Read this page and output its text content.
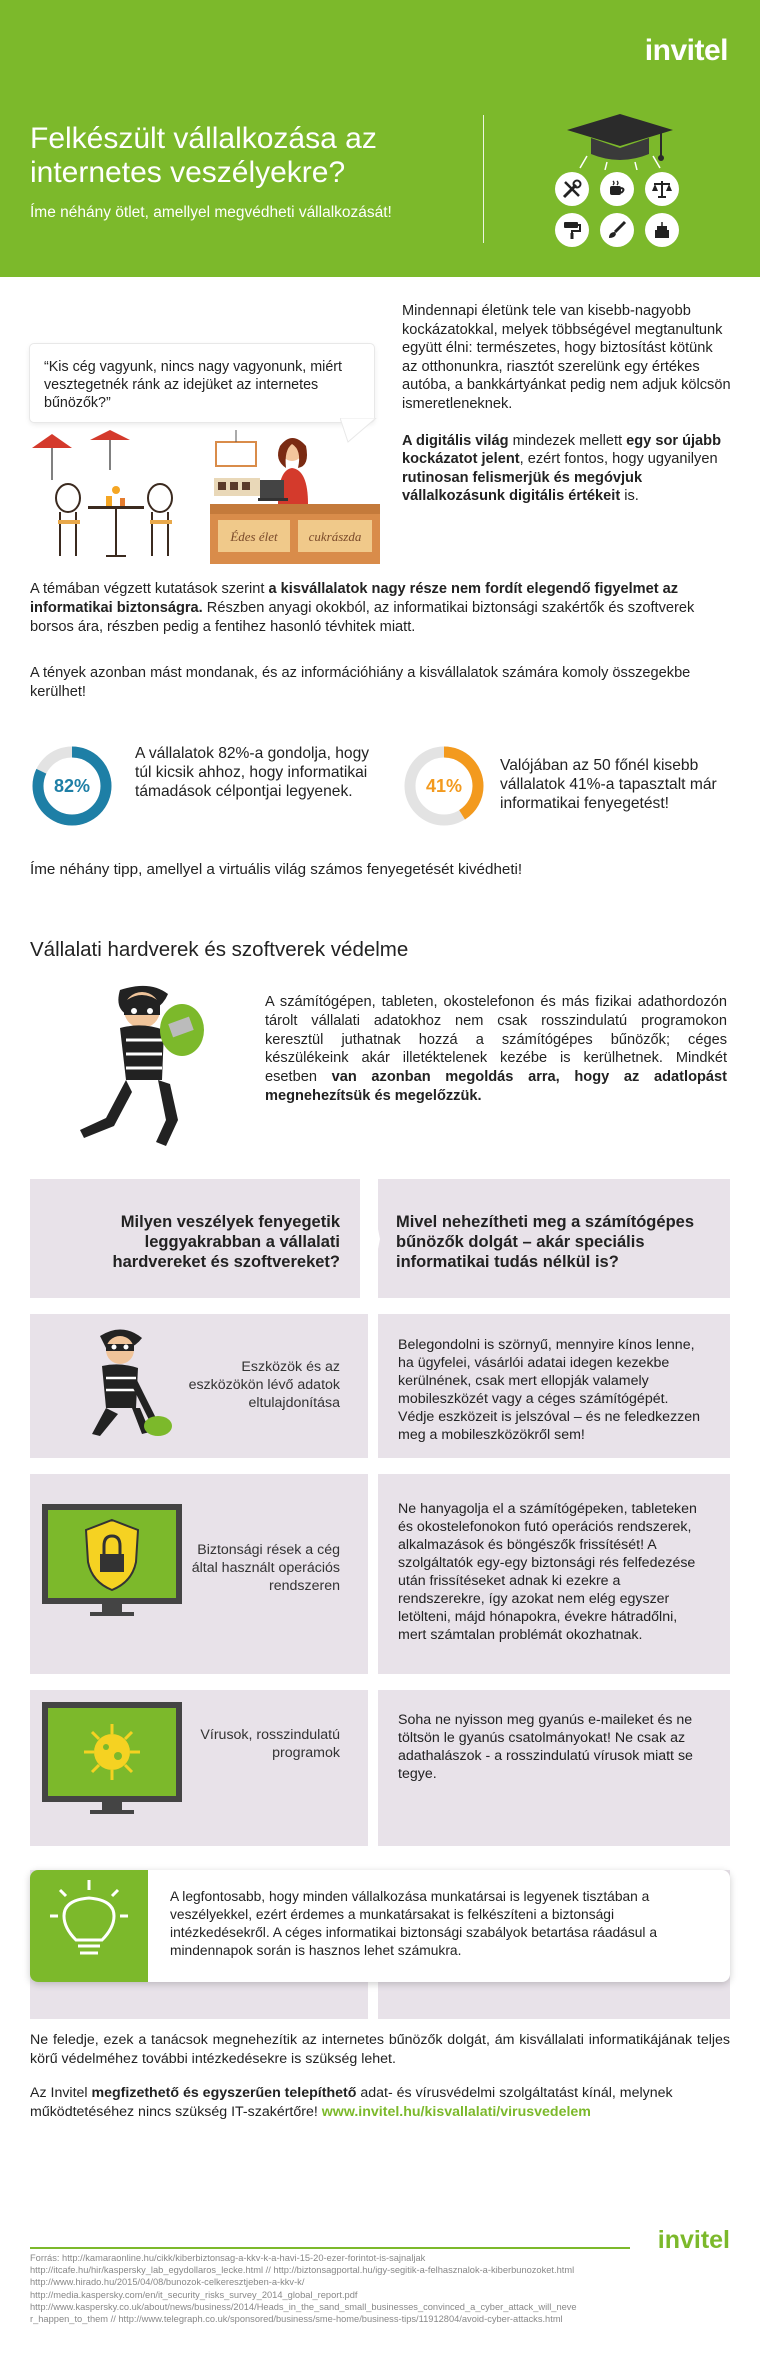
invitel
Felkészült vállalkozása az internetes veszélyekre?
Íme néhány ötlet, amellyel megvédheti vállalkozását!
“Kis cég vagyunk, nincs nagy vagyonunk, miért vesztegetnék ránk az idejüket az internetes bűnözők?”
Édes élet cukrászda

Mindennapi életünk tele van kisebb-nagyobb kockázatokkal, melyek többségével megtanultunk együtt élni: természetes, hogy biztosítást kötünk az otthonunkra, riasztót szerelünk egy értékes autóba, a bankkártyánkat pedig nem adjuk kölcsön ismeretleneknek.

A digitális világ mindezek mellett egy sor újabb kockázatot jelent, ezért fontos, hogy ugyanilyen rutinosan felismerjük és megóvjuk vállalkozásunk digitális értékeit is.

A témában végzett kutatások szerint a kisvállalatok nagy része nem fordít elegendő figyelmet az informatikai biztonságra. Részben anyagi okokból, az informatikai biztonsági szakértők és szoftverek borsos ára, részben pedig a fentihez hasonló tévhitek miatt.
A tények azonban mást mondanak, és az információhiány a kisvállalatok számára komoly összegekbe kerülhet!
82%
A vállalatok 82%-a gondolja, hogy túl kicsik ahhoz, hogy informatikai támadások célpontjai legyenek.	41%
Valójában az 50 főnél kisebb vállalatok 41%-a tapasztalt már informatikai fenyegetést!
Íme néhány tipp, amellyel a virtuális világ számos fenyegetését kivédheti!
Vállalati hardverek és szoftverek védelme
A számítógépen, tableten, okostelefonon és más fizikai adathordozón tárolt vállalati adatokhoz nem csak rosszindulatú programokon keresztül juthatnak hozzá a számítógépes bűnözők; céges készülékeink akár illetéktelenek kezébe is kerülhetnek. Mindkét esetben van azonban megoldás arra, hogy az adatlopást megnehezítsük és megelőzzük.
Milyen veszélyek fenyegetik leggyakrabban a vállalati hardvereket és szoftvereket?
Mivel nehezítheti meg a számítógépes bűnözők dolgát – akár speciális informatikai tudás nélkül is?
Eszközök és az eszközökön lévő adatok eltulajdonítása
Belegondolni is szörnyű, mennyire kínos lenne, ha ügyfelei, vásárlói adatai idegen kezekbe kerülnének, csak mert ellopják valamely mobileszközét vagy a céges számítógépét. Védje eszközeit is jelszóval – és ne feledkezzen meg a mobileszközökről sem!
Biztonsági rések a cég által használt operációs rendszeren
Ne hanyagolja el a számítógépeken, tableteken és okostelefonokon futó operációs rendszerek, alkalmazások és böngészők frissítését! A szolgáltatók egy-egy biztonsági rés felfedezése után frissítéseket adnak ki ezekre a rendszerekre, így azokat nem elég egyszer letölteni, májd hónapokra, évekre hátradőlni, mert számtalan problémát okozhatnak.
Vírusok, rosszindulatú programok
Soha ne nyisson meg gyanús e-maileket és ne töltsön le gyanús csatolmányokat! Ne csak az adathalászok - a rosszindulatú vírusok miatt se tegye.
A legfontosabb, hogy minden vállalkozása munkatársai is legyenek tisztában a veszélyekkel, ezért érdemes a munkatársakat is felkészíteni a biztonsági intézkedésekről. A céges informatikai biztonsági szabályok betartása ráadásul a mindennapok során is hasznos lehet számukra.
Ne feledje, ezek a tanácsok megnehezítik az internetes bűnözők dolgát, ám kisvállalati informatikájának teljes körű védelméhez további intézkedésekre is szükség lehet.
Az Invitel megfizethető és egyszerűen telepíthető adat- és vírusvédelmi szolgáltatást kínál, melynek működtetéséhez nincs szükség IT-szakértőre! www.invitel.hu/kisvallalati/virusvedelem
invitel
Forrás: http://kamaraonline.hu/cikk/kiberbiztonsag-a-kkv-k-a-havi-15-20-ezer-forintot-is-sajnaljak
http://itcafe.hu/hir/kaspersky_lab_egydollaros_lecke.html // http://biztonsagportal.hu/igy-segitik-a-felhasznalok-a-kiberbunozoket.html
http://www.hirado.hu/2015/04/08/bunozok-celkeresztjeben-a-kkv-k/
http://media.kaspersky.com/en/it_security_risks_survey_2014_global_report.pdf
http://www.kaspersky.co.uk/about/news/business/2014/Heads_in_the_sand_small_businesses_convinced_a_cyber_attack_will_neve
r_happen_to_them // http://www.telegraph.co.uk/sponsored/business/sme-home/business-tips/11912804/avoid-cyber-attacks.html
